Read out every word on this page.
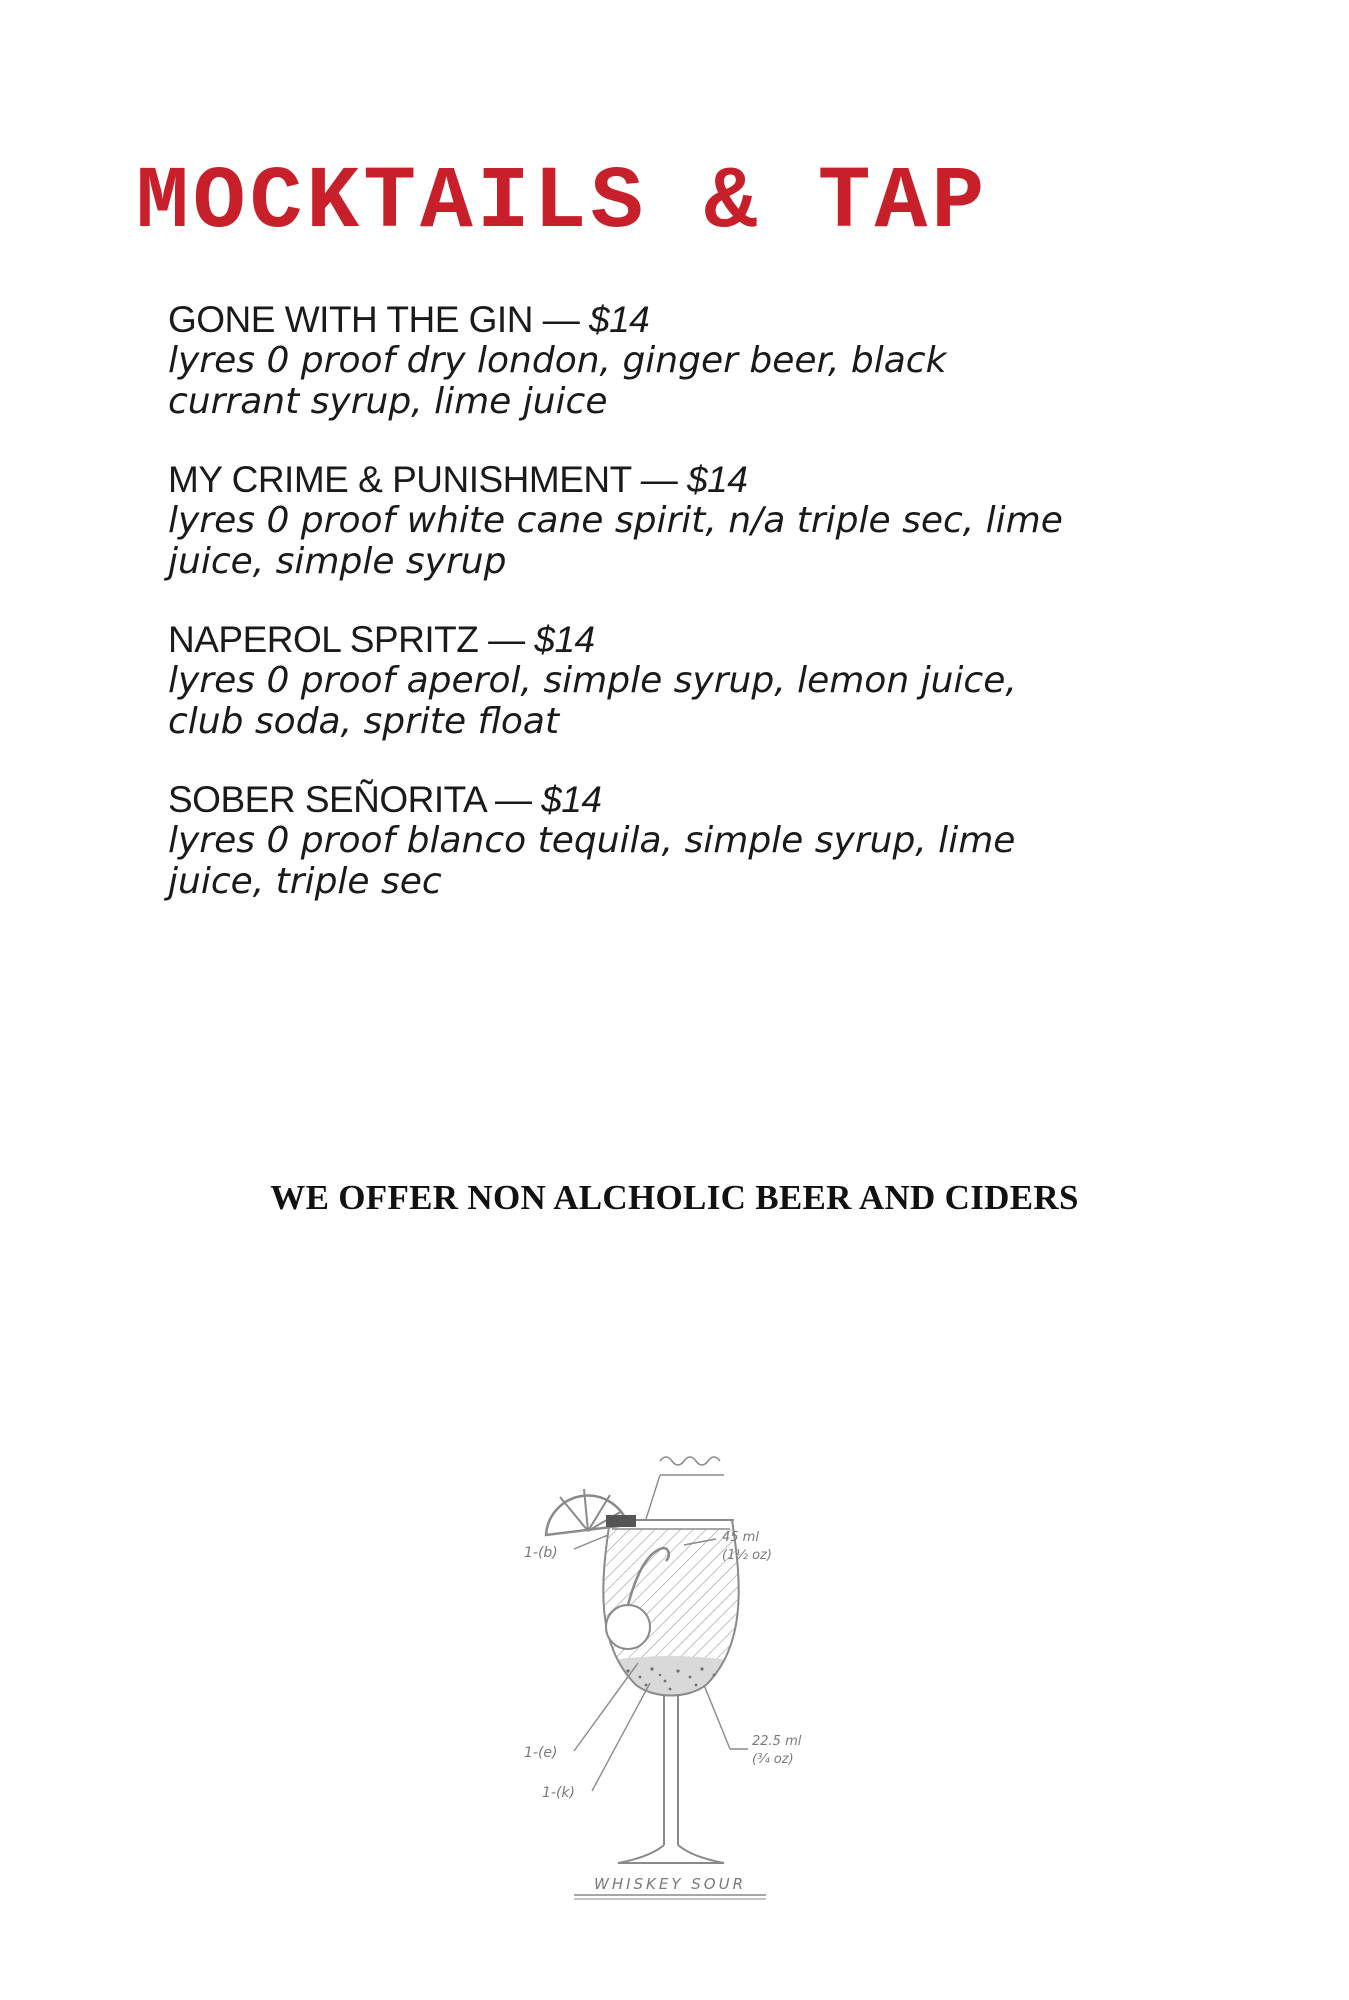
MOCKTAILS & TAP
GONE WITH THE GIN — $14
lyres 0 proof dry london, ginger beer, black currant syrup, lime juice
MY CRIME & PUNISHMENT — $14
lyres 0 proof white cane spirit, n/a triple sec, lime juice, simple syrup
NAPEROL SPRITZ — $14
lyres 0 proof aperol, simple syrup, lemon juice, club soda, sprite float
SOBER SEÑORITA — $14
lyres 0 proof blanco tequila, simple syrup, lime juice, triple sec

WE OFFER NON ALCHOLIC BEER AND CIDERS

1-(b)
1-(e)
1-(k)
45 ml
(1½ oz)
22.5 ml
(¾ oz)
WHISKEY SOUR
